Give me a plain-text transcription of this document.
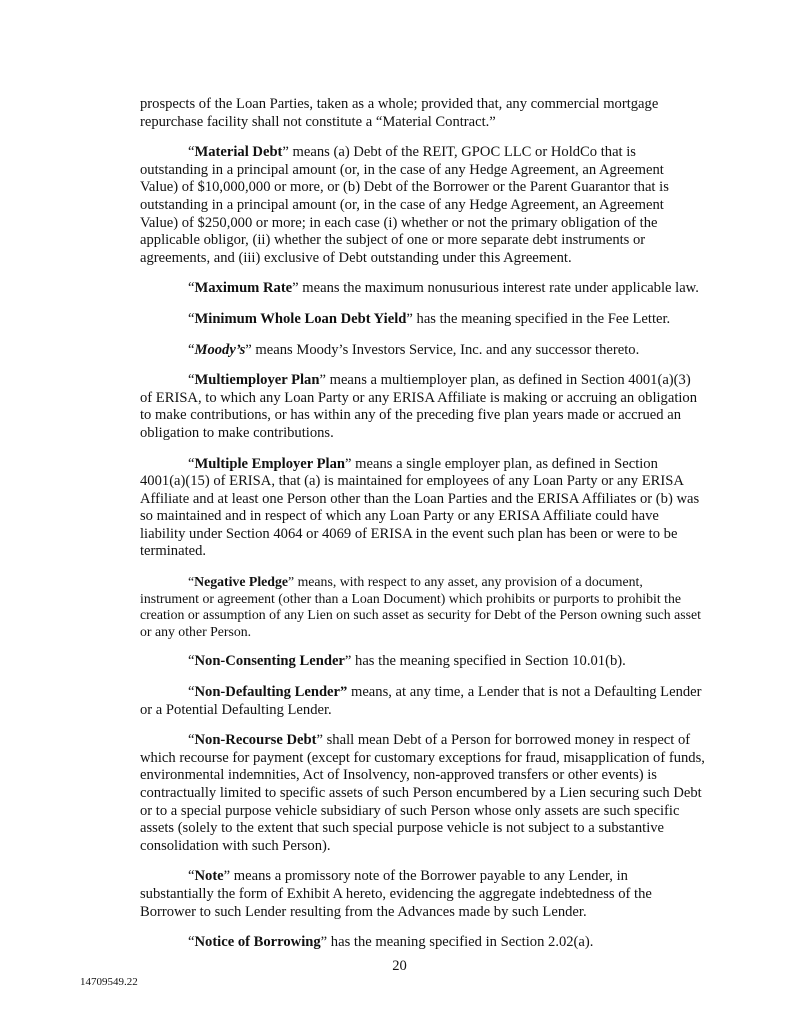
prospects of the Loan Parties, taken as a whole; provided that, any commercial mortgage repurchase facility shall not constitute a “Material Contract.”

“Material Debt” means (a) Debt of the REIT, GPOC LLC or HoldCo that is outstanding in a principal amount (or, in the case of any Hedge Agreement, an Agreement Value) of $10,000,000 or more, or (b) Debt of the Borrower or the Parent Guarantor that is outstanding in a principal amount (or, in the case of any Hedge Agreement, an Agreement Value) of $250,000 or more; in each case (i) whether or not the primary obligation of the applicable obligor, (ii) whether the subject of one or more separate debt instruments or agreements, and (iii) exclusive of Debt outstanding under this Agreement.

“Maximum Rate” means the maximum nonusurious interest rate under applicable law.

“Minimum Whole Loan Debt Yield” has the meaning specified in the Fee Letter.

“Moody’s” means Moody’s Investors Service, Inc. and any successor thereto.

“Multiemployer Plan” means a multiemployer plan, as defined in Section 4001(a)(3) of ERISA, to which any Loan Party or any ERISA Affiliate is making or accruing an obligation to make contributions, or has within any of the preceding five plan years made or accrued an obligation to make contributions.

“Multiple Employer Plan” means a single employer plan, as defined in Section 4001(a)(15) of ERISA, that (a) is maintained for employees of any Loan Party or any ERISA Affiliate and at least one Person other than the Loan Parties and the ERISA Affiliates or (b) was so maintained and in respect of which any Loan Party or any ERISA Affiliate could have liability under Section 4064 or 4069 of ERISA in the event such plan has been or were to be terminated.

“Negative Pledge” means, with respect to any asset, any provision of a document, instrument or agreement (other than a Loan Document) which prohibits or purports to prohibit the creation or assumption of any Lien on such asset as security for Debt of the Person owning such asset or any other Person.

“Non-Consenting Lender” has the meaning specified in Section 10.01(b).

“Non-Defaulting Lender” means, at any time, a Lender that is not a Defaulting Lender or a Potential Defaulting Lender.

“Non-Recourse Debt” shall mean Debt of a Person for borrowed money in respect of which recourse for payment (except for customary exceptions for fraud, misapplication of funds, environmental indemnities, Act of Insolvency, non-approved transfers or other events) is contractually limited to specific assets of such Person encumbered by a Lien securing such Debt or to a special purpose vehicle subsidiary of such Person whose only assets are such specific assets (solely to the extent that such special purpose vehicle is not subject to a substantive consolidation with such Person).

“Note” means a promissory note of the Borrower payable to any Lender, in substantially the form of Exhibit A hereto, evidencing the aggregate indebtedness of the Borrower to such Lender resulting from the Advances made by such Lender.

“Notice of Borrowing” has the meaning specified in Section 2.02(a).

20
14709549.22
